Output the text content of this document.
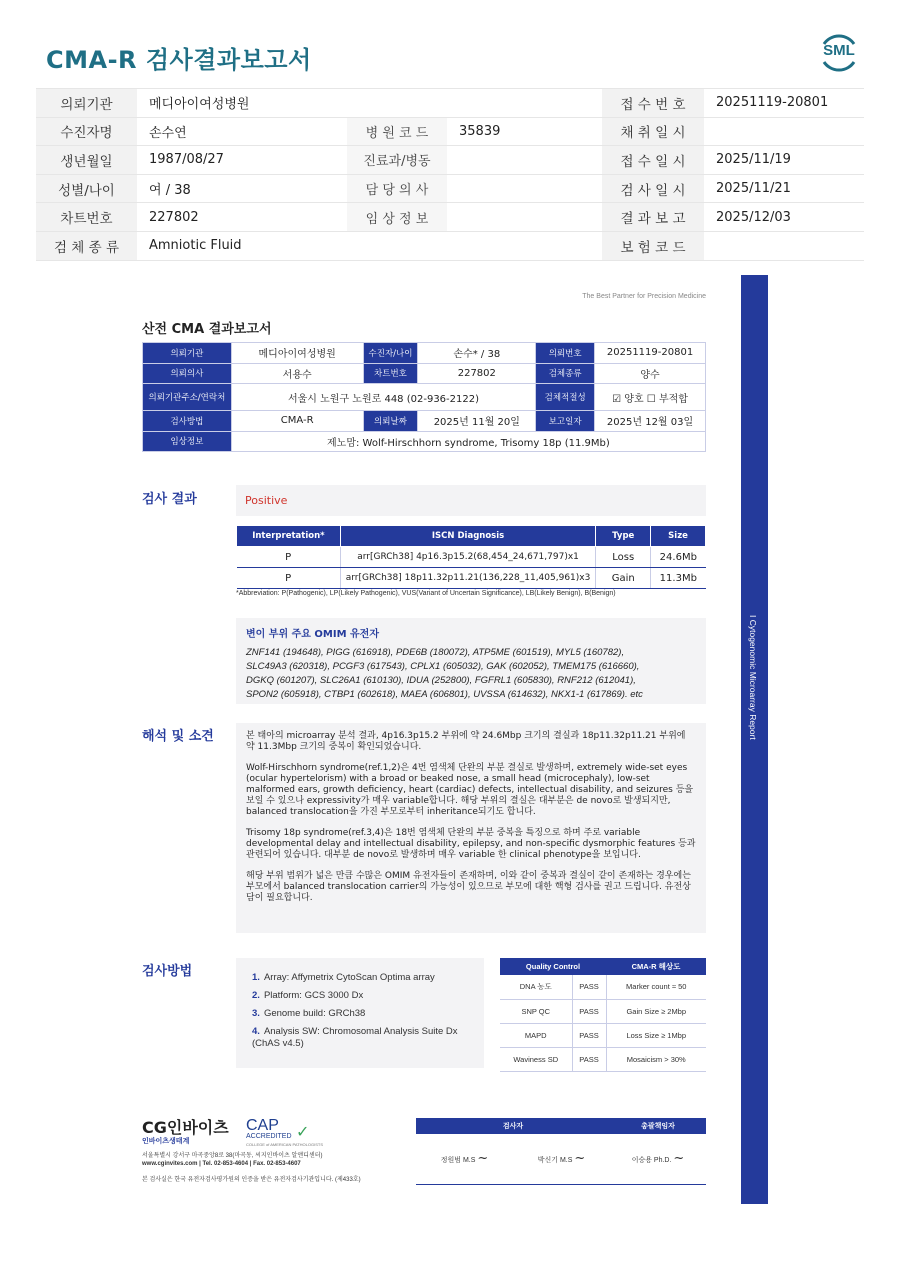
CMA-R 검사결과보고서	SML
의뢰기관	메디아이여성병원			접 수 번 호	20251119-20801
수진자명	손수연	병 원 코 드	35839	채 취 일 시	
생년월일	1987/08/27	진료과/병동		접 수 일 시	2025/11/19
성별/나이	여 / 38	담 당 의 사		검 사 일 시	2025/11/21
차트번호	227802	임 상 정 보		결 과 보 고	2025/12/03
검 체 종 류	Amniotic Fluid			보 험 코 드	
I Cytogenomic Microarray Report
The Best Partner for Precision Medicine
산전 CMA 결과보고서
의뢰기관	메디아이여성병원	수진자/나이	손수* / 38	의뢰번호	20251119-20801
의뢰의사	서용수	차트번호	227802	검체종류	양수
의뢰기관주소/연락처	서울시 노원구 노원로 448 (02-936-2122)			검체적절성	☑ 양호 ☐ 부적합
검사방법	CMA-R	의뢰날짜	2025년 11월 20일	보고일자	2025년 12월 03일
임상정보	제노맘: Wolf-Hirschhorn syndrome, Trisomy 18p (11.9Mb)				
검사 결과	Positive
Interpretation*	ISCN Diagnosis	Type	Size
P	arr[GRCh38] 4p16.3p15.2(68,454_24,671,797)x1	Loss	24.6Mb
P	arr[GRCh38] 18p11.32p11.21(136,228_11,405,961)x3	Gain	11.3Mb
*Abbreviation: P(Pathogenic), LP(Likely Pathogenic), VUS(Variant of Uncertain Significance), LB(Likely Benign), B(Benign)
변이 부위 주요 OMIM 유전자
ZNF141 (194648), PIGG (616918), PDE6B (180072), ATP5ME (601519), MYL5 (160782),
SLC49A3 (620318), PCGF3 (617543), CPLX1 (605032), GAK (602052), TMEM175 (616660),
DGKQ (601207), SLC26A1 (610130), IDUA (252800), FGFRL1 (605830), RNF212 (612041),
SPON2 (605918), CTBP1 (602618), MAEA (606801), UVSSA (614632), NKX1-1 (617869). etc
해석 및 소견	본 태아의 microarray 분석 결과, 4p16.3p15.2 부위에 약 24.6Mbp 크기의 결실과 18p11.32p11.21 부위에 약 11.3Mbp 크기의 중복이 확인되었습니다.

Wolf-Hirschhorn syndrome(ref.1,2)은 4번 염색체 단완의 부분 결실로 발생하며, extremely wide-set eyes (ocular hypertelorism) with a broad or beaked nose, a small head (microcephaly), low-set malformed ears, growth deficiency, heart (cardiac) defects, intellectual disability, and seizures 등을 보일 수 있으나 expressivity가 매우 variable합니다. 해당 부위의 결실은 대부분은 de novo로 발생되지만, balanced translocation을 가진 부모로부터 inheritance되기도 합니다.

Trisomy 18p syndrome(ref.3,4)은 18번 염색체 단완의 부분 중복을 특징으로 하며 주로 variable developmental delay and intellectual disability, epilepsy, and non-specific dysmorphic features 등과 관련되어 있습니다. 대부분 de novo로 발생하며 매우 variable 한 clinical phenotype을 보입니다.

해당 부위 범위가 넓은 만큼 수많은 OMIM 유전자들이 존재하며, 이와 같이 중복과 결실이 같이 존재하는 경우에는 부모에서 balanced translocation carrier의 가능성이 있으므로 부모에 대한 핵형 검사를 권고 드립니다. 유전상담이 필요합니다.

검사방법	1. Array: Affymetrix CytoScan Optima array
2. Platform: GCS 3000 Dx
3. Genome build: GRCh38
4. Analysis SW: Chromosomal Analysis Suite Dx (ChAS v4.5)
Quality Control		CMA-R 해상도
DNA 농도	PASS	Marker count ≈ 50
SNP QC	PASS	Gain Size ≥ 2Mbp
MAPD	PASS	Loss Size ≥ 1Mbp
Waviness SD	PASS	Mosaicism > 30%
CG인바이츠
인바이츠생태계
CAP ✓
ACCREDITED
COLLEGE of AMERICAN PATHOLOGISTS
서울특별시 강서구 마곡중앙8로 38(마곡동, 씨지인바이츠 알앤디센터)
www.cginvites.com | Tel. 02-853-4604 | Fax. 02-853-4607
본 검사실은 한국 유전자검사평가원의 인증을 받은 유전자검사기관입니다. (제433호)
검사자		총괄책임자
정원범 M.S ~	박신기 M.S ~	이승용 Ph.D. ~
